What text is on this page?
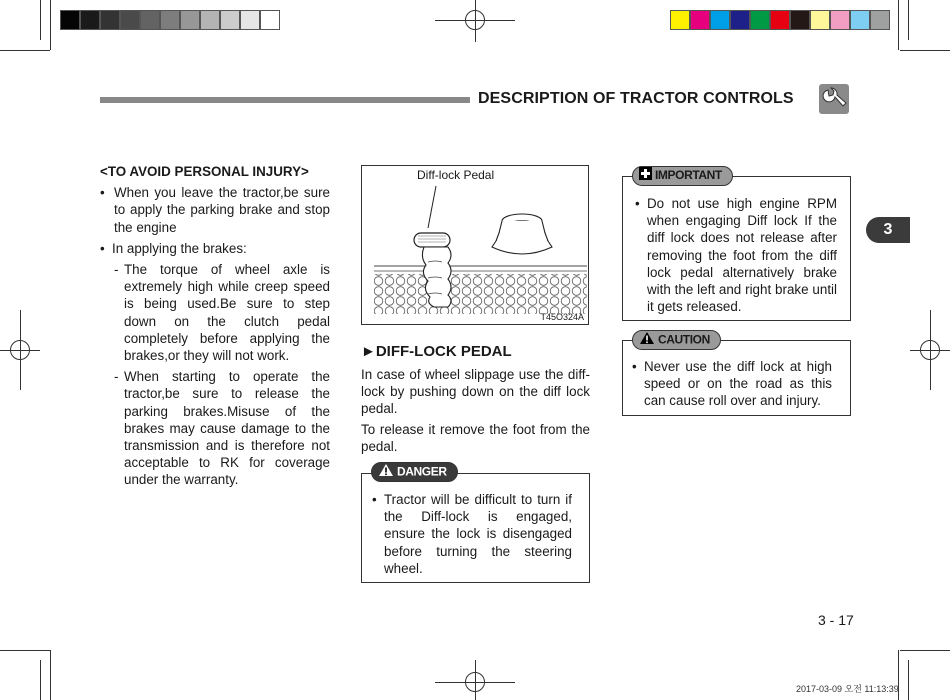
DESCRIPTION OF TRACTOR CONTROLS
3
<TO AVOID PERSONAL INJURY>
• When you leave the tractor,be sure to apply the parking brake and stop the engine
• In applying the brakes:
- The torque of wheel axle is extremely high while creep speed is being used.Be sure to step down on the clutch pedal completely before applying the brakes,or they will not work.
- When starting to operate the tractor,be sure to release the parking brakes.Misuse of the brakes may cause damage to the transmission and is therefore not acceptable to RK for coverage under the warranty.
Diff-lock Pedal
T45O324A
►DIFF-LOCK PEDAL
In case of wheel slippage use the diff-lock by pushing down on the diff lock pedal.
To release it remove the foot from the pedal.
DANGER
• Tractor will be difficult to turn if the Diff-lock is engaged, ensure the lock is disengaged before turning the steering wheel.
IMPORTANT
• Do not use high engine RPM when engaging Diff lock If the diff lock does not release after removing the foot from the diff lock pedal alternatively brake with the left and right brake until it gets released.
CAUTION
• Never use the diff lock at high speed or on the road as this can cause roll over and injury.
3 - 17
2017-03-09 오전 11:13:39
